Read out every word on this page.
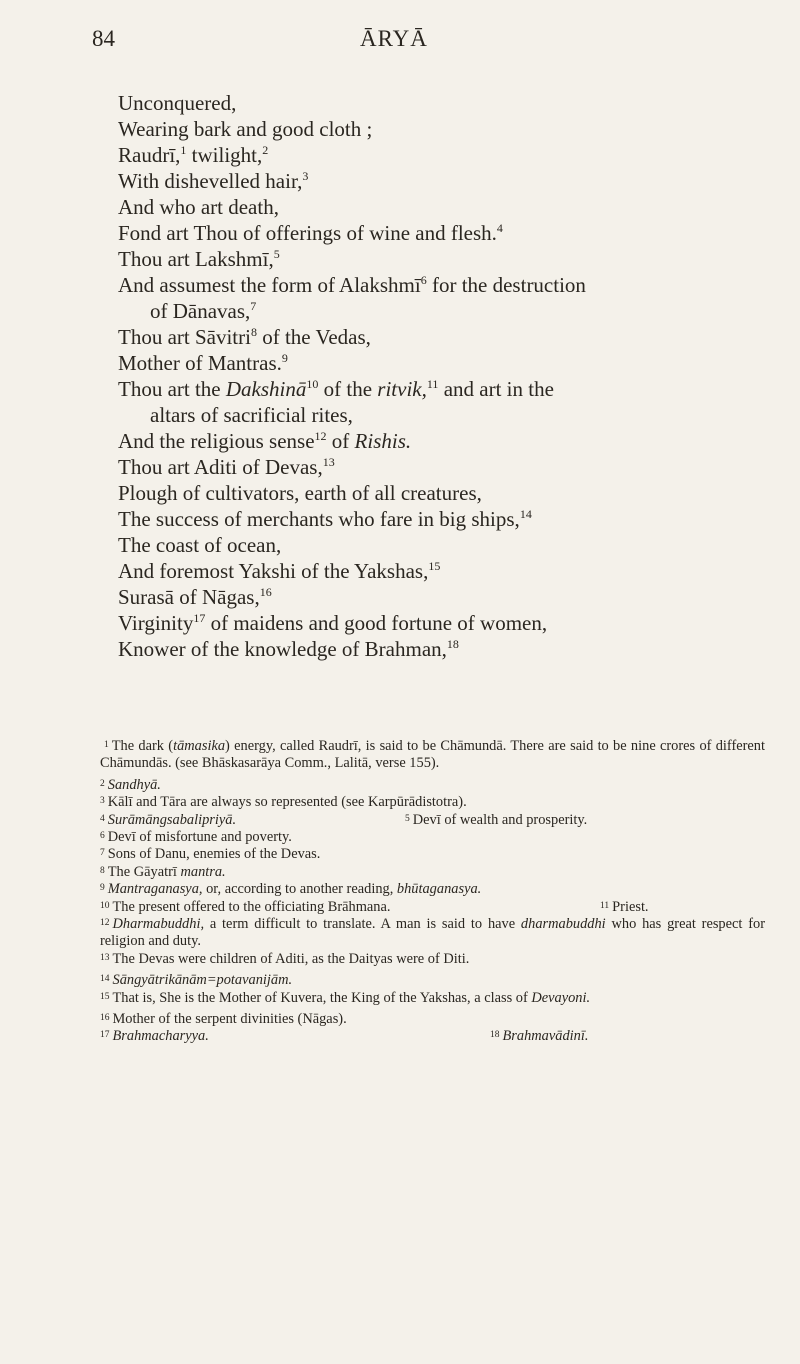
84	ĀRYĀ
Unconquered,
Wearing bark and good cloth ;
Raudrī,$^1$ twilight,$^2$
With dishevelled hair,$^3$
And who art death,
Fond art Thou of offerings of wine and flesh.$^4$
Thou art Lakshmī,$^5$
And assumest the form of Alakshmī$^6$ for the destruction
of Dānavas,$^7$
Thou art Sāvitri$^8$ of the Vedas,
Mother of Mantras.$^9$
Thou art the Dakshinā$^{10}$ of the ritvik,$^{11}$ and art in the
altars of sacrificial rites,
And the religious sense$^{12}$ of Rishis.
Thou art Aditi of Devas,$^{13}$
Plough of cultivators, earth of all creatures,
The success of merchants who fare in big ships,$^{14}$
The coast of ocean,
And foremost Yakshi of the Yakshas,$^{15}$
Surasā of Nāgas,$^{16}$
Virginity$^{17}$ of maidens and good fortune of women,
Knower of the knowledge of Brahman,$^{18}$
$^1$ The dark (tāmasika) energy, called Raudrī, is said to be Chāmundā. There are said to be nine crores of different Chāmundās. (see Bhāskasarāya Comm., Lalitā, verse 155).
$^2$ Sandhyā.
$^3$ Kālī and Tāra are always so represented (see Karpūrādistotra).
$^4$ Surāmāngsabalipriyā.	$^5$ Devī of wealth and prosperity.
$^6$ Devī of misfortune and poverty.
$^7$ Sons of Danu, enemies of the Devas.
$^8$ The Gāyatrī mantra.
$^9$ Mantraganasya, or, according to another reading, bhūtaganasya.
$^{10}$ The present offered to the officiating Brāhmana.	$^{11}$ Priest.
$^{12}$ Dharmabuddhi, a term difficult to translate. A man is said to have dharmabuddhi who has great respect for religion and duty.
$^{13}$ The Devas were children of Aditi, as the Daityas were of Diti.
$^{14}$ Sāngyātrikānām=potavanijām.
$^{15}$ That is, She is the Mother of Kuvera, the King of the Yakshas, a class of Devayoni.
$^{16}$ Mother of the serpent divinities (Nāgas).
$^{17}$ Brahmacharyya.	$^{18}$ Brahmavādinī.
